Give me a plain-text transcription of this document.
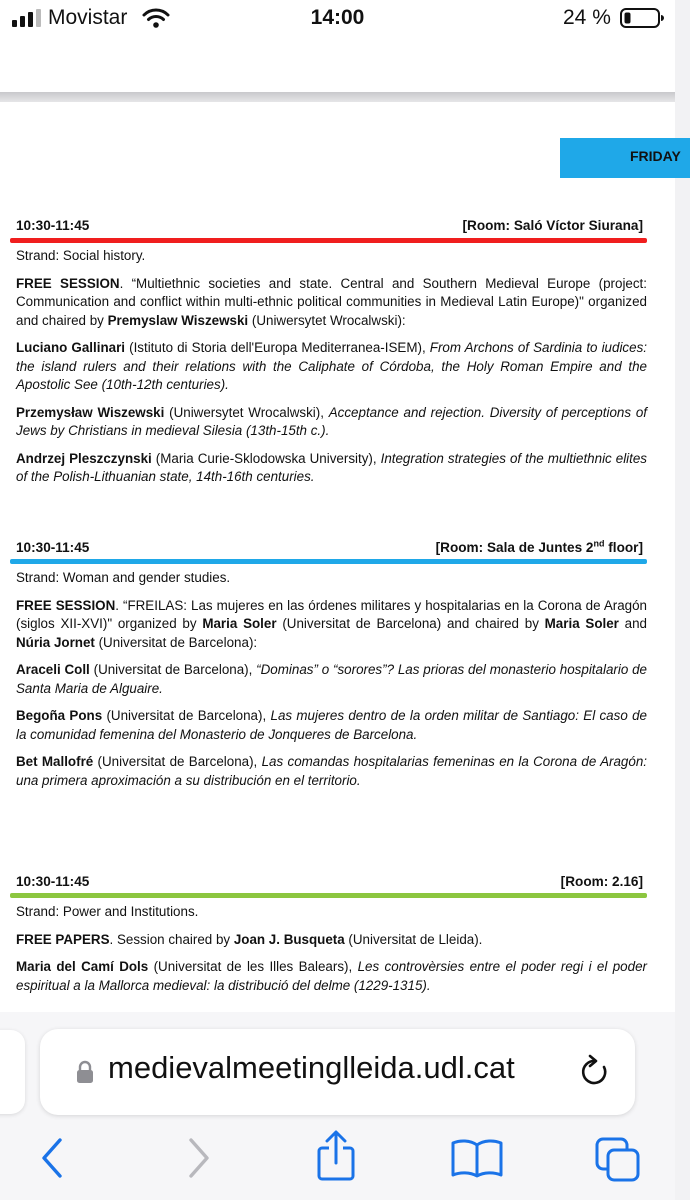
Movistar	14:00	24 %
FRIDAY
10:30-11:45	[Room: Saló Víctor Siurana]

Strand: Social history.

FREE SESSION. “Multiethnic societies and state. Central and Southern Medieval Europe (project: Communication and conflict within multi-ethnic political communities in Medieval Latin Europe)" organized and chaired by Premyslaw Wiszewski (Uniwersytet Wrocalwski):

Luciano Gallinari (Istituto di Storia dell'Europa Mediterranea-ISEM), From Archons of Sardinia to iudices: the island rulers and their relations with the Caliphate of Córdoba, the Holy Roman Empire and the Apostolic See (10th-12th centuries).

Przemysław Wiszewski (Uniwersytet Wrocalwski), Acceptance and rejection. Diversity of perceptions of Jews by Christians in medieval Silesia (13th-15th c.).

Andrzej Pleszczynski (Maria Curie-Sklodowska University), Integration strategies of the multiethnic elites of the Polish-Lithuanian state, 14th-16th centuries.

10:30-11:45	[Room: Sala de Juntes 2nd floor]

Strand: Woman and gender studies.

FREE SESSION. “FREILAS: Las mujeres en las órdenes militares y hospitalarias en la Corona de Aragón (siglos XII-XVI)" organized by Maria Soler (Universitat de Barcelona) and chaired by Maria Soler and Núria Jornet (Universitat de Barcelona):

Araceli Coll (Universitat de Barcelona), “Dominas” o “sorores”? Las prioras del monasterio hospitalario de Santa Maria de Alguaire.

Begoña Pons (Universitat de Barcelona), Las mujeres dentro de la orden militar de Santiago: El caso de la comunidad femenina del Monasterio de Jonqueres de Barcelona.

Bet Mallofré (Universitat de Barcelona), Las comandas hospitalarias femeninas en la Corona de Aragón: una primera aproximación a su distribución en el territorio.

10:30-11:45	[Room: 2.16]

Strand: Power and Institutions.

FREE PAPERS. Session chaired by Joan J. Busqueta (Universitat de Lleida).

Maria del Camí Dols (Universitat de les Illes Balears), Les controvèrsies entre el poder regi i el poder espiritual a la Mallorca medieval: la distribució del delme (1229-1315).

medievalmeetinglleida.udl.cat
